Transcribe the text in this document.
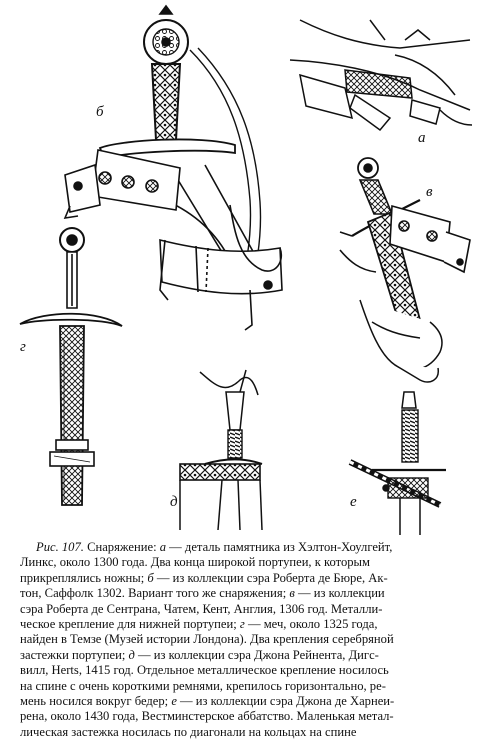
б
а
в
г
д	е
Рис. 107. Снаряжение: а — деталь памятника из Хэлтон-Хоулгейт,
Линкс, около 1300 года. Два конца широкой портупеи, к которым
прикреплялись ножны; б — из коллекции сэра Роберта де Бюре, Ак-
тон, Саффолк 1302. Вариант того же снаряжения; в — из коллекции
сэра Роберта де Сентрана, Чатем, Кент, Англия, 1306 год. Металли-
ческое крепление для нижней портупеи; г — меч, около 1325 года,
найден в Темзе (Музей истории Лондона). Два крепления серебряной
застежки портупеи; д — из коллекции сэра Джона Рейнента, Дигс-
вилл, Herts, 1415 год. Отдельное металлическое крепление носилось
на спине с очень короткими ремнями, крепилось горизонтально, ре-
мень носился вокруг бедер; е — из коллекции сэра Джона де Харнеи-
рена, около 1430 года, Вестминстерское аббатство. Маленькая метал-
лическая застежка носилась по диагонали на кольцах на спине
